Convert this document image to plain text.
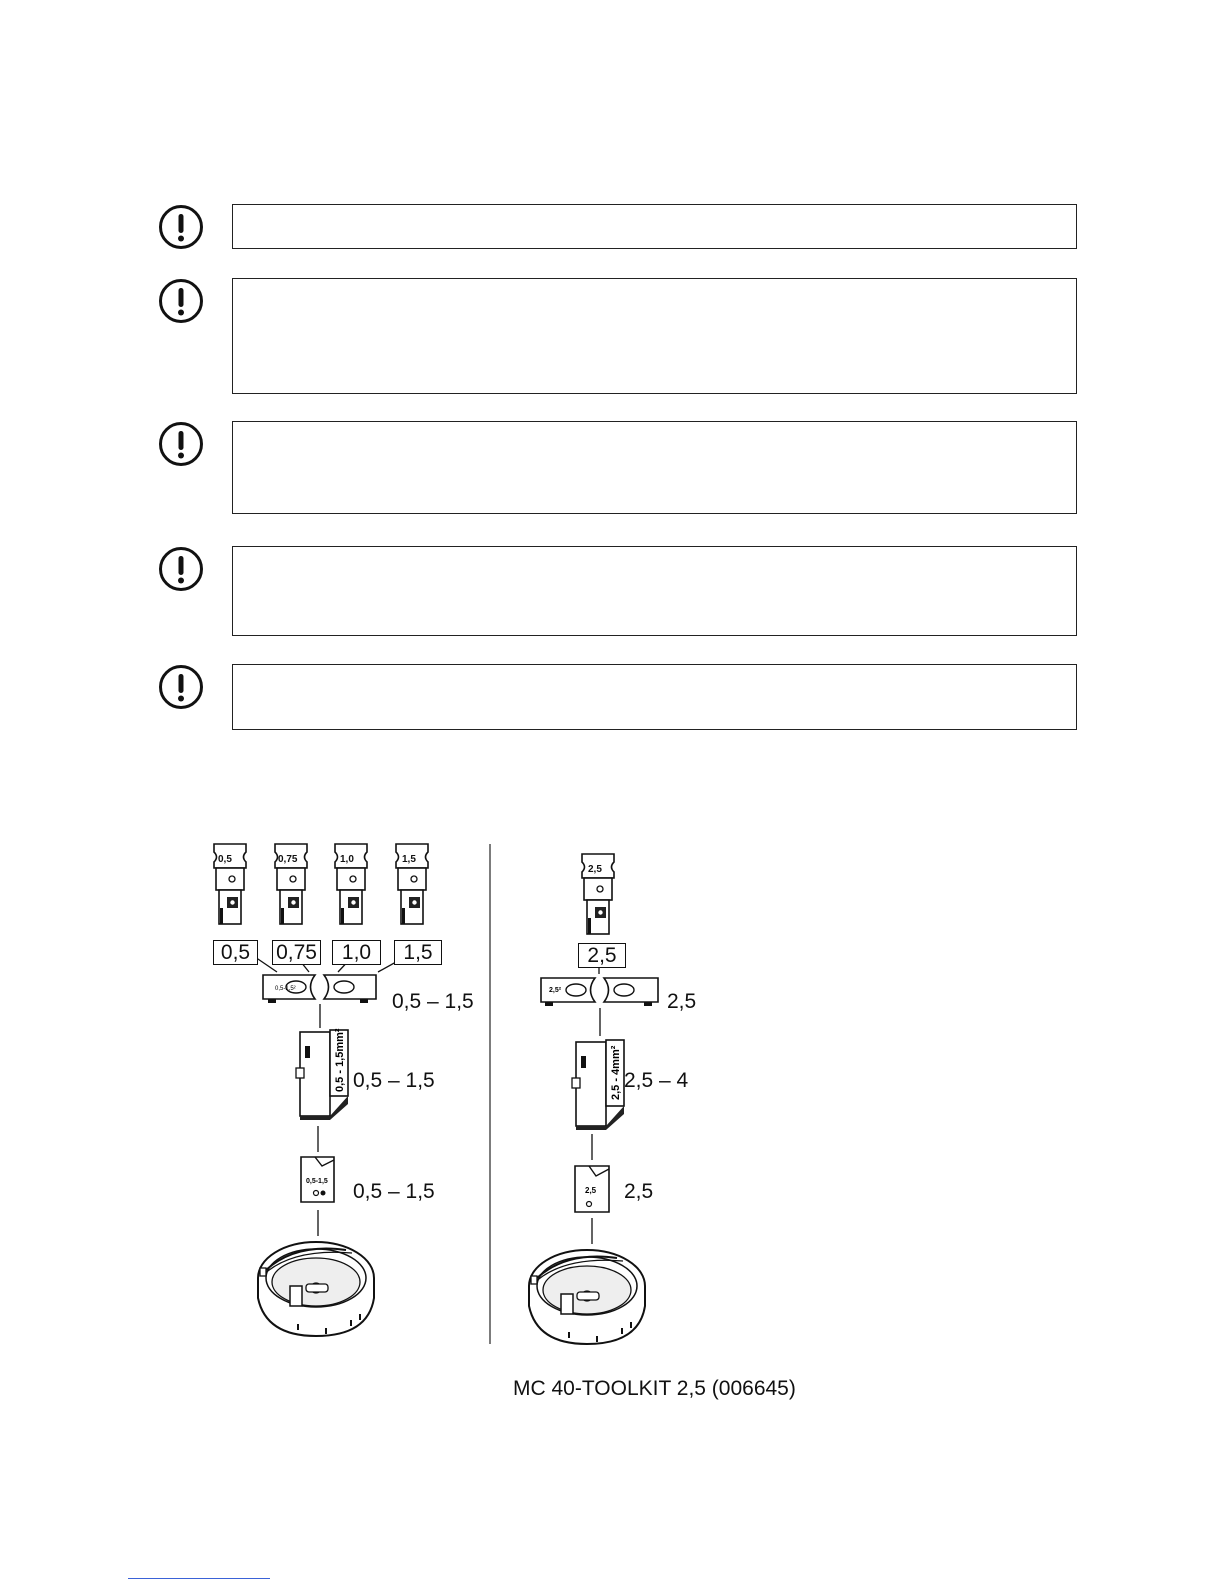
0,5-1,5²
0,5 - 1,5mm²
0,5-1,5
2,5²
2,5 - 4mm²
2,5
0,5	0,75	1,0	1,5
2,5
0,5	0,75	1,0	1,5	2,5
0,5 – 1,5
0,5 – 1,5
0,5 – 1,5
2,5
2,5 – 4
2,5
MC 40-TOOLKIT 2,5 (006645)
